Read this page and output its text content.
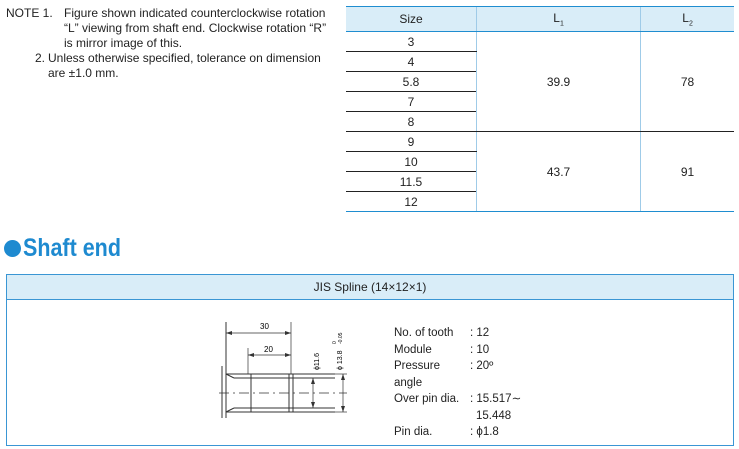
NOTE 1. Figure shown indicated counterclockwise rotation “L” viewing from shaft end. Clockwise rotation “R” is mirror image of this.
2. Unless otherwise specified, tolerance on dimension are ±1.0 mm.
Size	$L_1$	$L_2$
3	39.9	78
4		
5.8		
7		
8		
9	43.7	91
10		
11.5		
12		
Shaft end
JIS Spline (14×12×1)
30
20
ϕ11.6 ϕ 13.8
0 -0.05	No. of tooth	: 12
Module	: 10
Pressure angle
: 20º
Over pin dia. : 15.517∼
15.448
Pin dia.	: ϕ1.8
